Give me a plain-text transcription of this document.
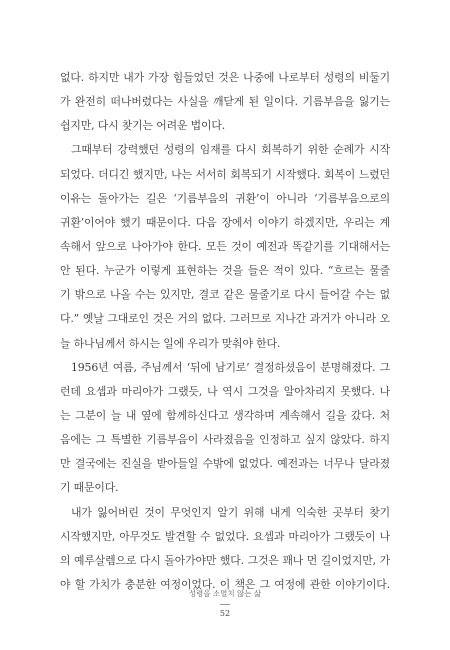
없다. 하지만 내가 가장 힘들었던 것은 나중에 나로부터 성령의 비둘기
가 완전히 떠나버렸다는 사실을 깨닫게 된 일이다. 기름부음을 잃기는
쉽지만, 다시 찾기는 어려운 법이다.
그때부터 강력했던 성령의 임재를 다시 회복하기 위한 순례가 시작
되었다. 더디긴 했지만, 나는 서서히 회복되기 시작했다. 회복이 느렸던
이유는 돌아가는 길은 ‘기름부음의 귀환’이 아니라 ‘기름부음으로의
귀환’이어야 했기 때문이다. 다음 장에서 이야기 하겠지만, 우리는 계
속해서 앞으로 나아가야 한다. 모든 것이 예전과 똑같기를 기대해서는
안 된다. 누군가 이렇게 표현하는 것을 들은 적이 있다. “흐르는 물줄
기 밖으로 나올 수는 있지만, 결코 같은 물줄기로 다시 들어갈 수는 없
다.” 옛날 그대로인 것은 거의 없다. 그러므로 지나간 과거가 아니라 오
늘 하나님께서 하시는 일에 우리가 맞춰야 한다.
1956년 여름, 주님께서 ‘뒤에 남기로’ 결정하셨음이 분명해졌다. 그
런데 요셉과 마리아가 그랬듯, 나 역시 그것을 알아차리지 못했다. 나
는 그분이 늘 내 옆에 함께하신다고 생각하며 계속해서 길을 갔다. 처
음에는 그 특별한 기름부음이 사라졌음을 인정하고 싶지 않았다. 하지
만 결국에는 진실을 받아들일 수밖에 없었다. 예전과는 너무나 달라졌
기 때문이다.
내가 잃어버린 것이 무엇인지 알기 위해 내게 익숙한 곳부터 찾기
시작했지만, 아무것도 발견할 수 없었다. 요셉과 마리아가 그랬듯이 나
의 예루살렘으로 다시 돌아가야만 했다. 그것은 꽤나 먼 길이었지만, 가
야 할 가치가 충분한 여정이었다. 이 책은 그 여정에 관한 이야기이다.
성령을 소멸치 않는 삶
52
